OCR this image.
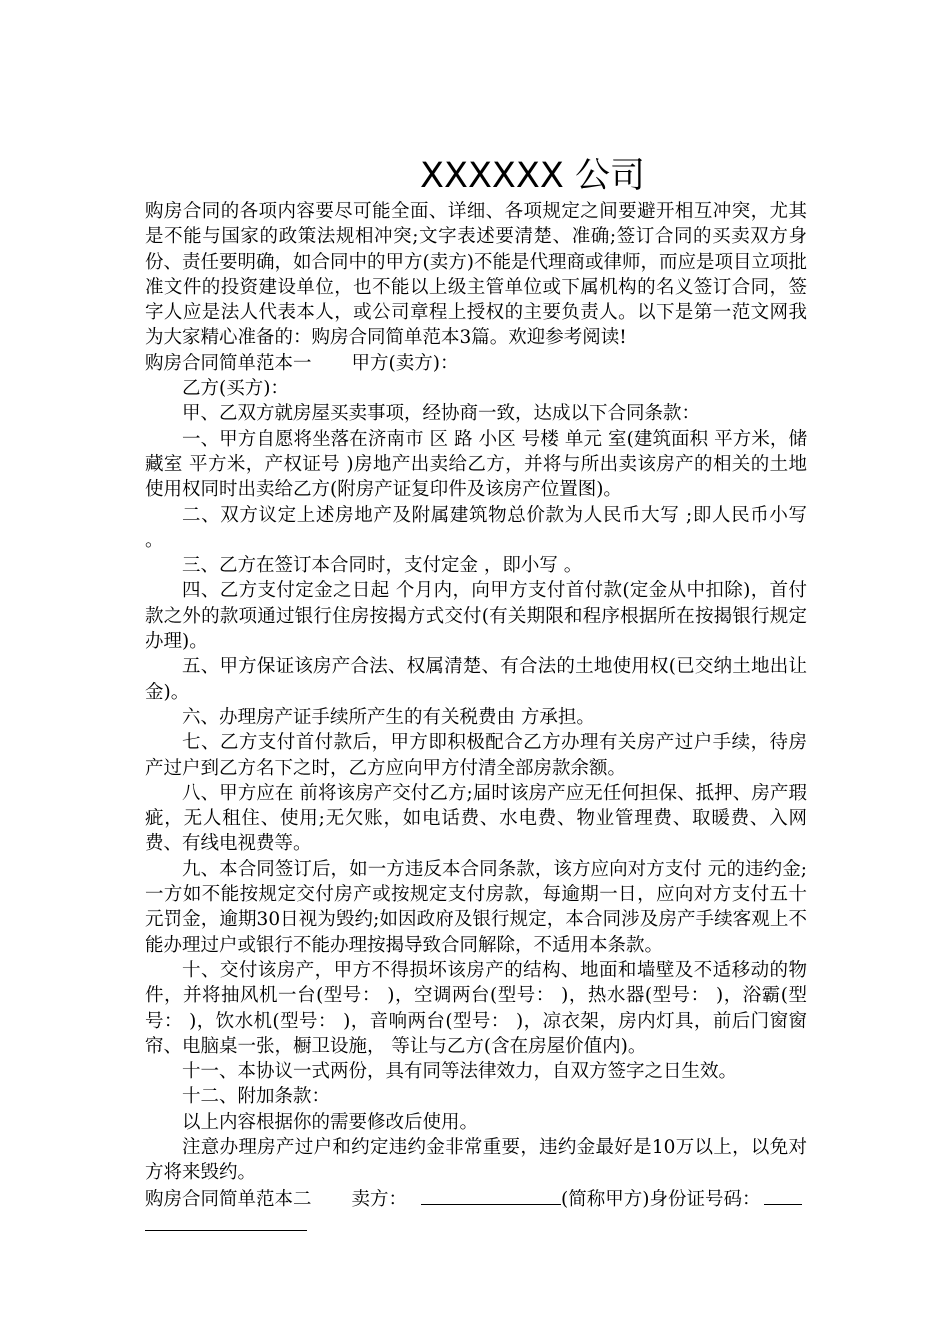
XXXXXX 公司

购房合同的各项内容要尽可能全面、详细、各项规定之间要避开相互冲突，尤其是不能与国家的政策法规相冲突;文字表述要清楚、准确;签订合同的买卖双方身份、责任要明确，如合同中的甲方(卖方)不能是代理商或律师，而应是项目立项批准文件的投资建设单位，也不能以上级主管单位或下属机构的名义签订合同，签字人应是法人代表本人，或公司章程上授权的主要负责人。以下是第一范文网我为大家精心准备的：购房合同简单范本3篇。欢迎参考阅读!

购房合同简单范本一 甲方(卖方)：

乙方(买方)：

甲、乙双方就房屋买卖事项，经协商一致，达成以下合同条款：

一、甲方自愿将坐落在济南市 区 路 小区 号楼 单元 室(建筑面积 平方米，储藏室 平方米，产权证号 )房地产出卖给乙方，并将与所出卖该房产的相关的土地使用权同时出卖给乙方(附房产证复印件及该房产位置图)。

二、双方议定上述房地产及附属建筑物总价款为人民币大写 ;即人民币小写 。

三、乙方在签订本合同时，支付定金 ，即小写 。

四、乙方支付定金之日起 个月内，向甲方支付首付款(定金从中扣除)，首付款之外的款项通过银行住房按揭方式交付(有关期限和程序根据所在按揭银行规定办理)。

五、甲方保证该房产合法、权属清楚、有合法的土地使用权(已交纳土地出让金)。

六、办理房产证手续所产生的有关税费由 方承担。

七、乙方支付首付款后，甲方即积极配合乙方办理有关房产过户手续，待房产过户到乙方名下之时，乙方应向甲方付清全部房款余额。

八、甲方应在 前将该房产交付乙方;届时该房产应无任何担保、抵押、房产瑕疵，无人租住、使用;无欠账，如电话费、水电费、物业管理费、取暖费、入网费、有线电视费等。

九、本合同签订后，如一方违反本合同条款，该方应向对方支付 元的违约金;一方如不能按规定交付房产或按规定支付房款，每逾期一日，应向对方支付五十元罚金，逾期30日视为毁约;如因政府及银行规定，本合同涉及房产手续客观上不能办理过户或银行不能办理按揭导致合同解除，不适用本条款。

十、交付该房产，甲方不得损坏该房产的结构、地面和墙壁及不适移动的物件，并将抽风机一台(型号： )，空调两台(型号： )，热水器(型号： )，浴霸(型号： )，饮水机(型号： )，音响两台(型号： )，凉衣架，房内灯具，前后门窗窗帘、电脑桌一张，橱卫设施， 等让与乙方(含在房屋价值内)。

十一、本协议一式两份，具有同等法律效力，自双方签字之日生效。

十二、附加条款：

以上内容根据你的需要修改后使用。

注意办理房产过户和约定违约金非常重要，违约金最好是10万以上，以免对方将来毁约。

购房合同简单范本二 卖方：	(简称甲方)身份证号码：
